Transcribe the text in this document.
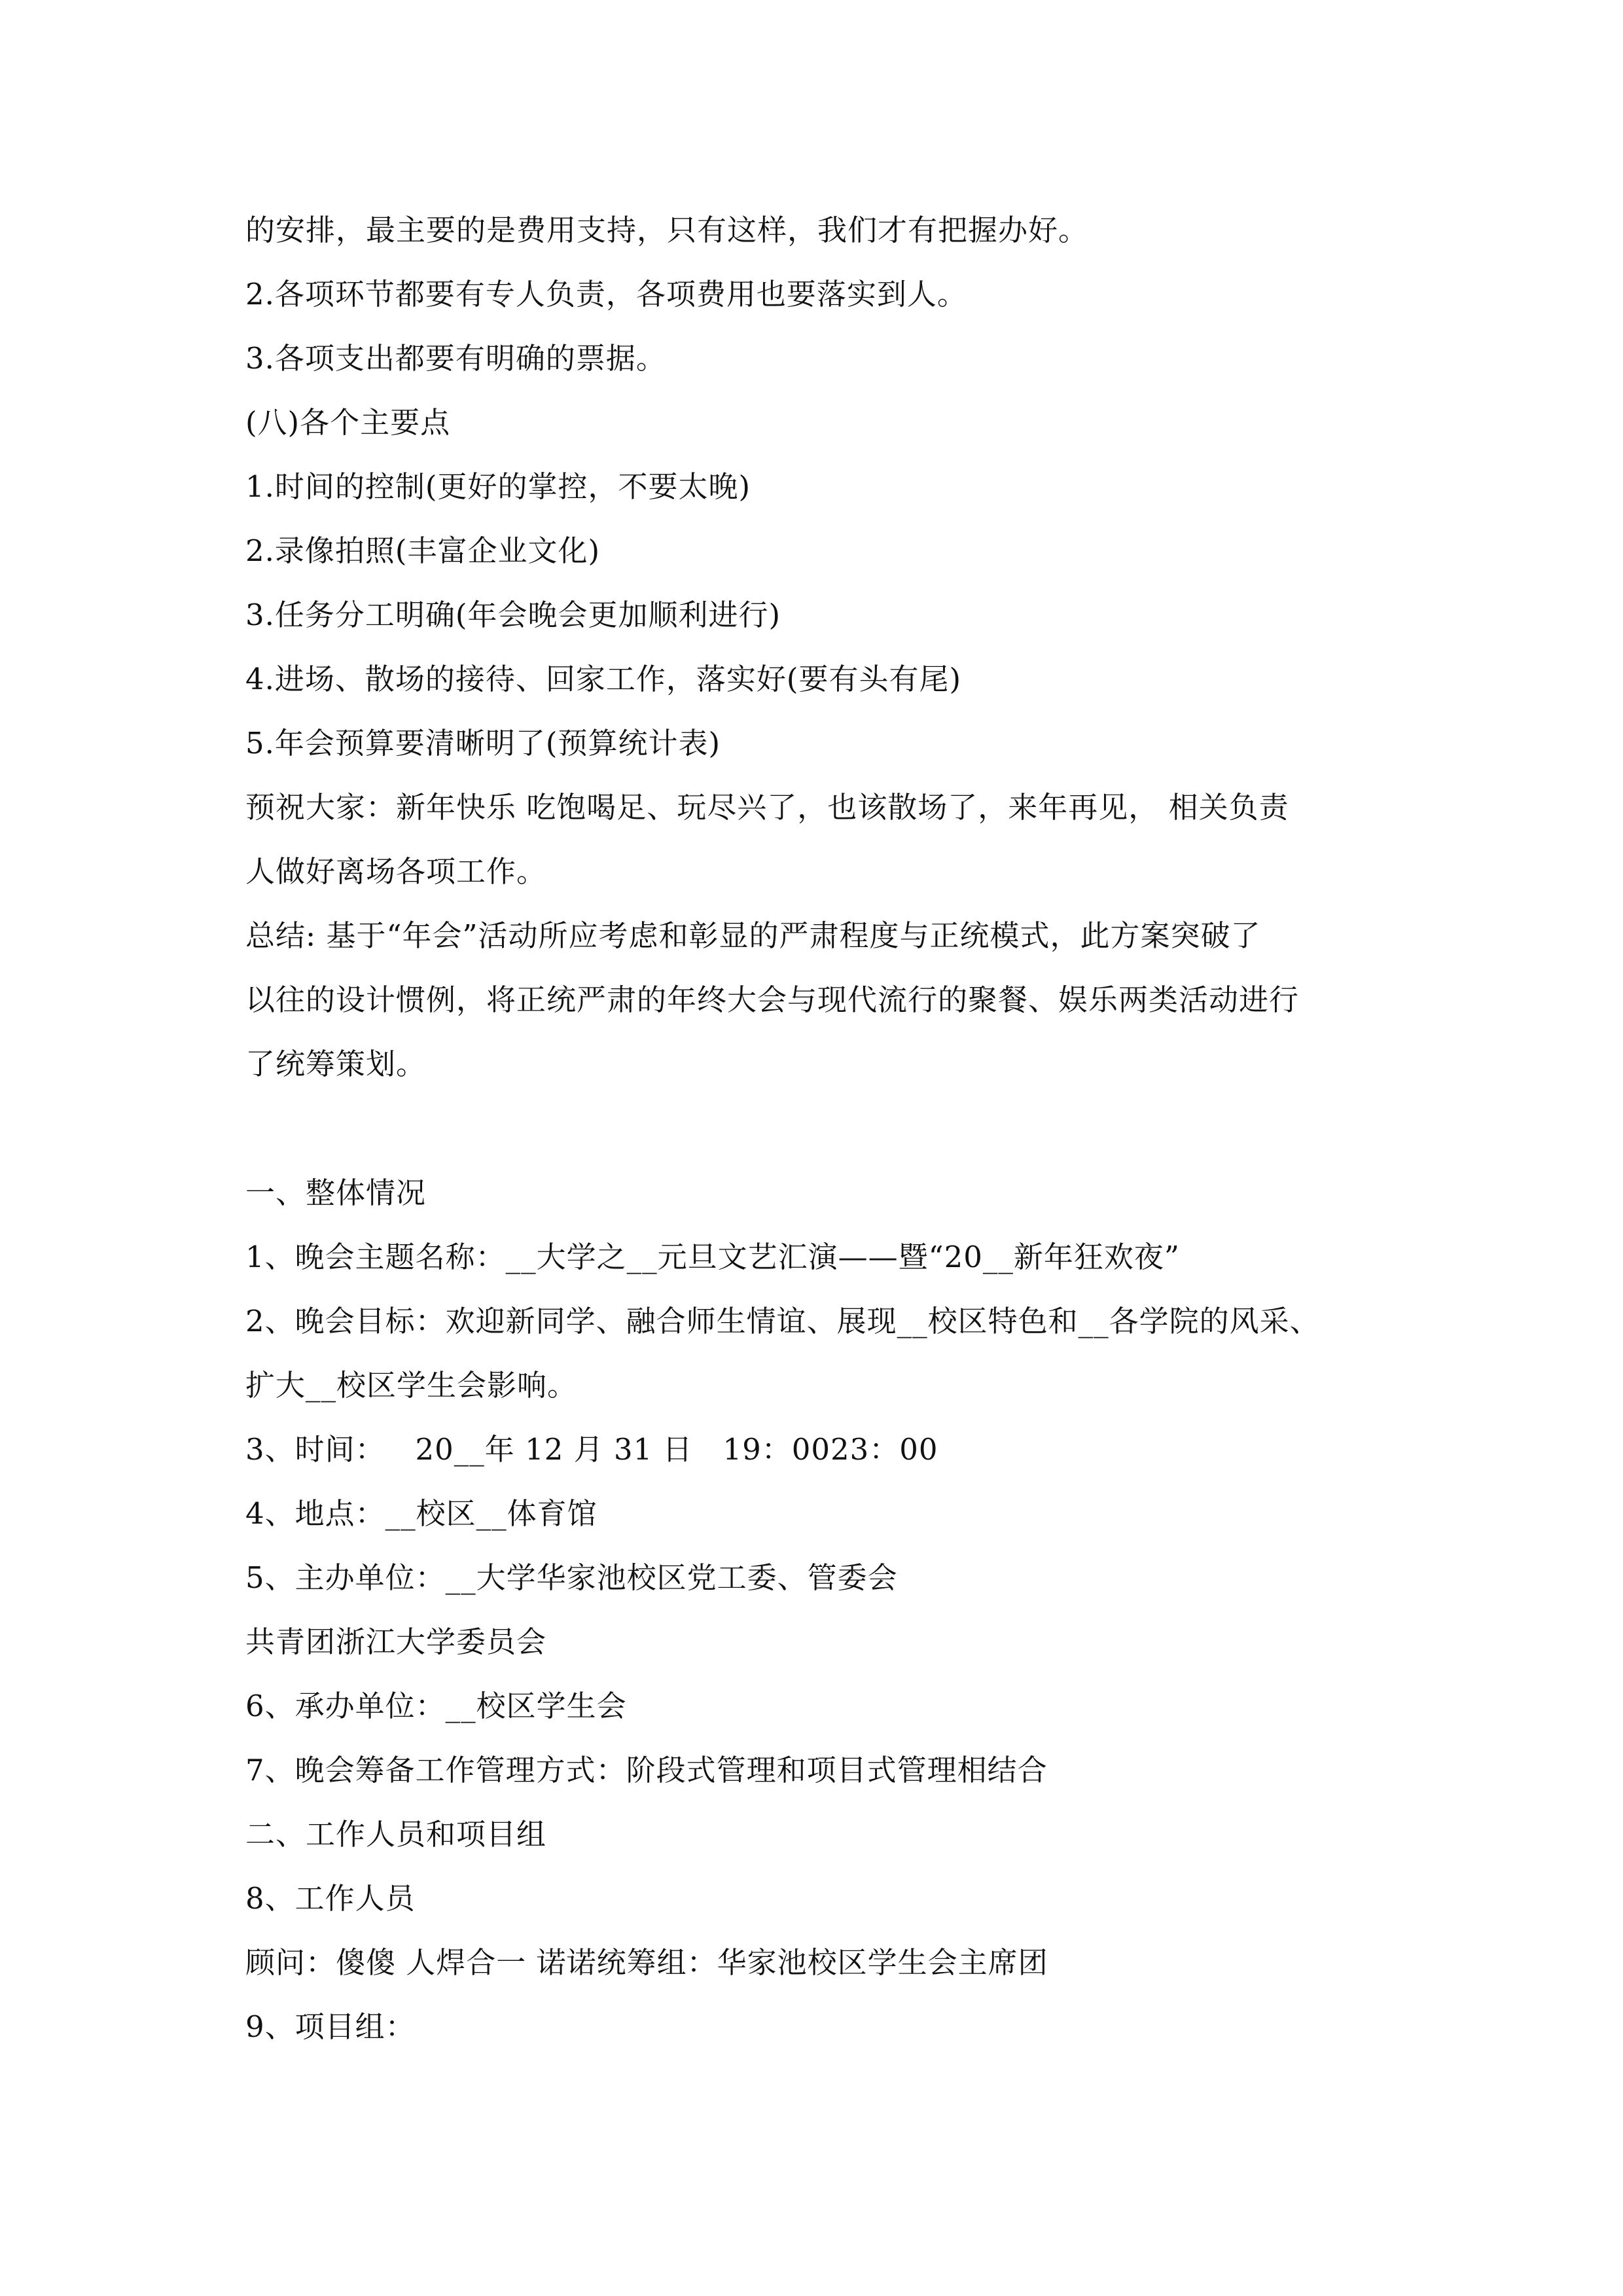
的安排，最主要的是费用支持，只有这样，我们才有把握办好。
2.各项环节都要有专人负责，各项费用也要落实到人。
3.各项支出都要有明确的票据。
(八)各个主要点
1.时间的控制(更好的掌控，不要太晚)
2.录像拍照(丰富企业文化)
3.任务分工明确(年会晚会更加顺利进行)
4.进场、散场的接待、回家工作，落实好(要有头有尾)
5.年会预算要清晰明了(预算统计表)
预祝大家：新年快乐 吃饱喝足、玩尽兴了，也该散场了，来年再见， 相关负责
人做好离场各项工作。
总结: 基于“年会”活动所应考虑和彰显的严肃程度与正统模式，此方案突破了
以往的设计惯例，将正统严肃的年终大会与现代流行的聚餐、娱乐两类活动进行
了统筹策划。
一、整体情况
1、晚会主题名称：__大学之__元旦文艺汇演——暨“20__新年狂欢夜”
2、晚会目标：欢迎新同学、融合师生情谊、展现__校区特色和__各学院的风采、
扩大__校区学生会影响。
3、时间：   20__年 12 月 31 日   19：0023：00
4、地点：__校区__体育馆
5、主办单位：__大学华家池校区党工委、管委会
共青团浙江大学委员会
6、承办单位：__校区学生会
7、晚会筹备工作管理方式：阶段式管理和项目式管理相结合
二、工作人员和项目组
8、工作人员
顾问：傻傻 人焊合一 诺诺统筹组：华家池校区学生会主席团
9、项目组：
